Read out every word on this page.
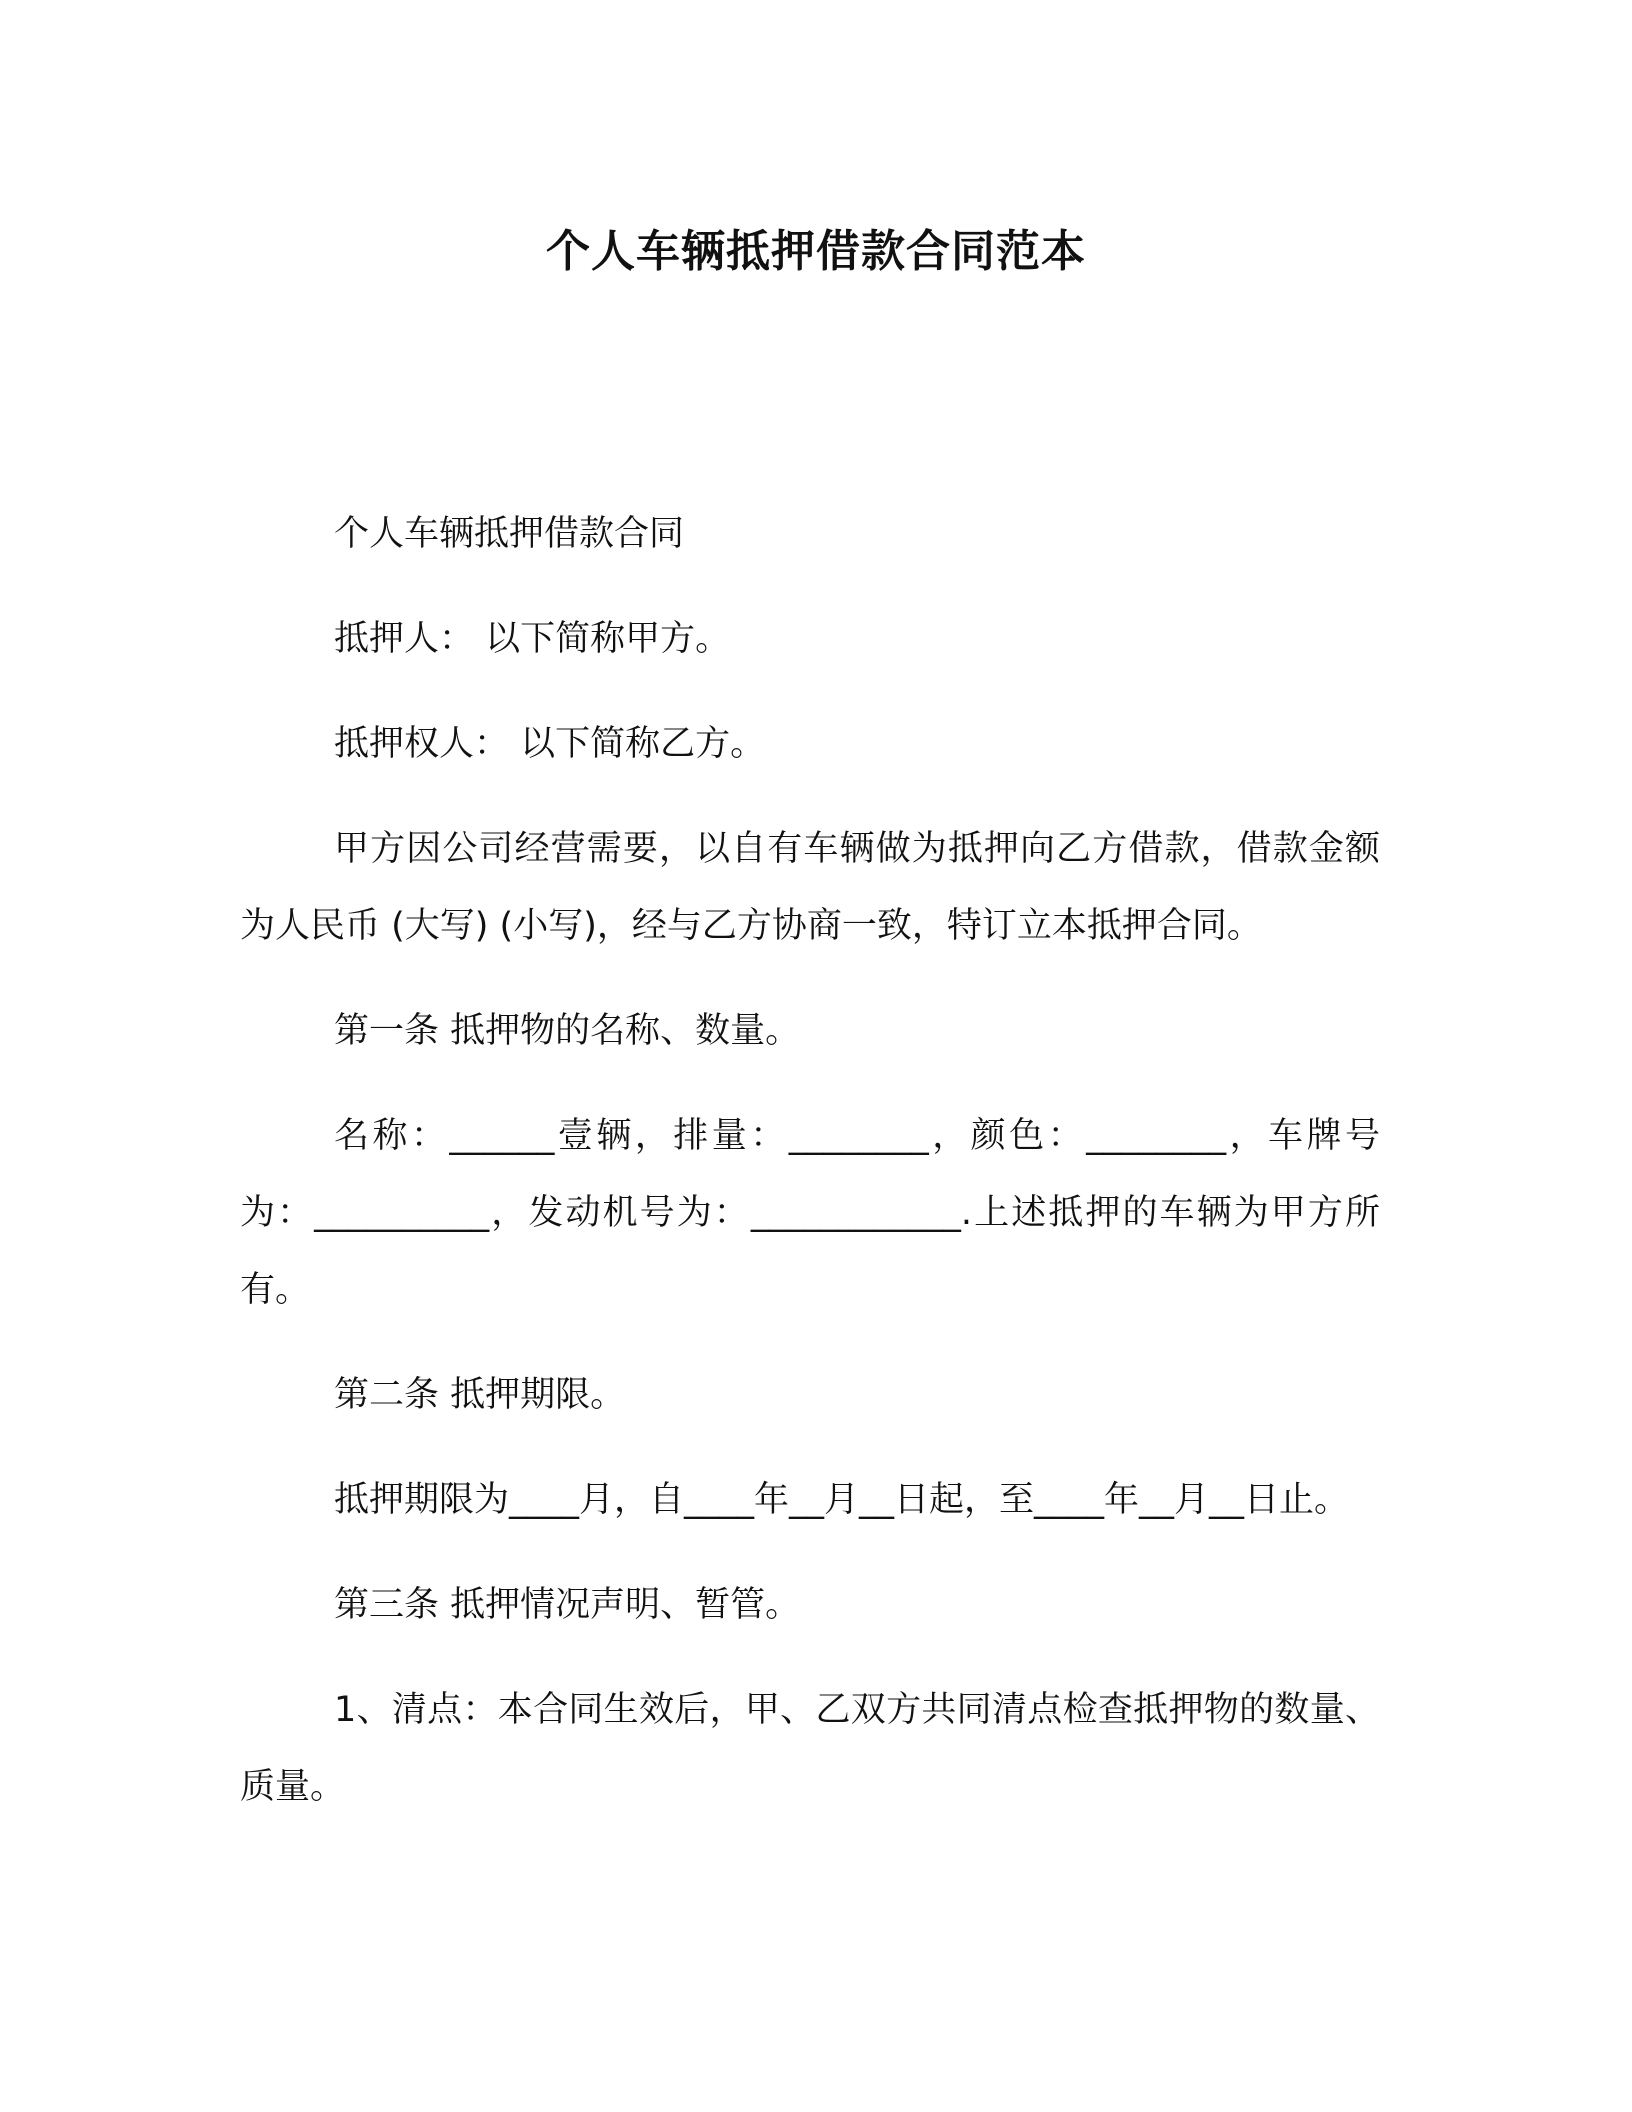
个人车辆抵押借款合同范本

个人车辆抵押借款合同

抵押人： 以下简称甲方。

抵押权人： 以下简称乙方。

甲方因公司经营需要，以自有车辆做为抵押向乙方借款，借款金额为人民币 (大写) (小写)，经与乙方协商一致，特订立本抵押合同。

第一条 抵押物的名称、数量。

名称：______壹辆，排量：________，颜色：________，车牌号为：__________，发动机号为：____________.上述抵押的车辆为甲方所有。

第二条 抵押期限。

抵押期限为____月，自____年__月__日起，至____年__月__日止。

第三条 抵押情况声明、暂管。

1、清点：本合同生效后，甲、乙双方共同清点检查抵押物的数量、质量。
